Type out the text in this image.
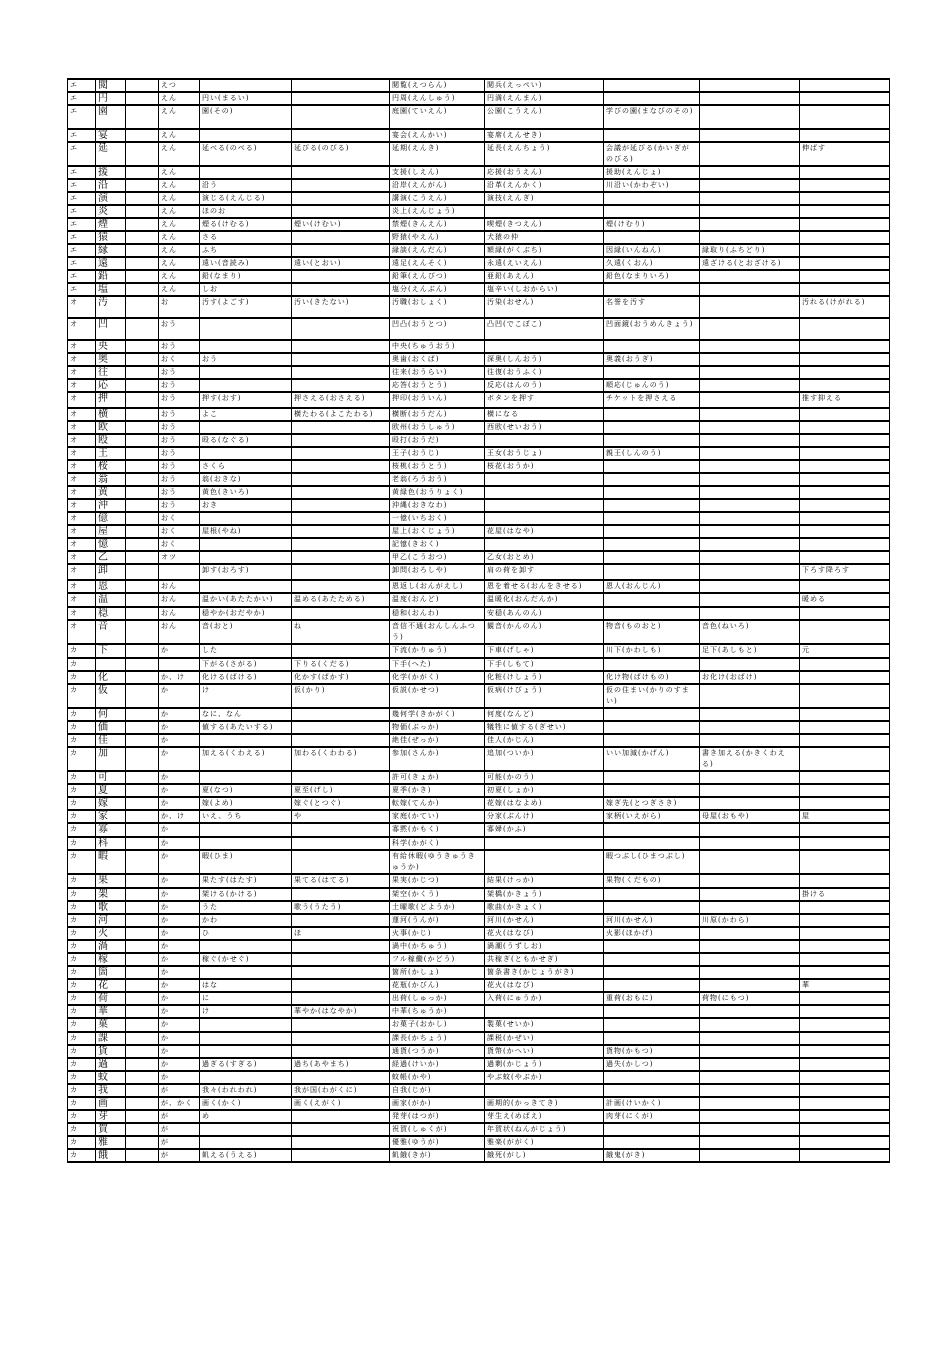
エ	閲		えつ			閲覧(えつらん)	閲兵(えっぺい)			
エ	円		えん	円い(まるい)		円周(えんしゅう)	円満(えんまん)			
エ	園		えん	園(その)		庭園(ていえん)	公園(こうえん)	学びの園(まなびのその)		
エ	宴		えん			宴会(えんかい)	宴席(えんせき)			
エ	延		えん	延べる(のべる)	延びる(のびる)	延期(えんき)	延長(えんちょう)	会議が延びる(かいぎがのびる)		伸ばす
エ	援		えん			支援(しえん)	応援(おうえん)	援助(えんじょ)		
エ	沿		えん	沿う		沿岸(えんがん)	沿革(えんかく)	川沿い(かわぞい)		
エ	演		えん	演じる(えんじる)		講演(こうえん)	演技(えんぎ)			
エ	炎		えん	ほのお		炎上(えんじょう)				
エ	煙		えん	煙る(けむる)	煙い(けむい)	禁煙(きんえん)	喫煙(きつえん)	煙(けむり)		
エ	猿		えん	さる		野猿(やえん)	犬猿の仲			
エ	縁		えん	ふち		縁談(えんだん)	額縁(がくぶち)	因縁(いんねん)	縁取り(ふちどり)	
エ	遠		えん	遠い(音読み)	遠い(とおい)	遠足(えんそく)	永遠(えいえん)	久遠(くおん)	遠ざける(とおざける)	
エ	鉛		えん	鉛(なまり)		鉛筆(えんぴつ)	亜鉛(あえん)	鉛色(なまりいろ)		
エ	塩		えん	しお		塩分(えんぶん)	塩辛い(しおからい)			
オ	汚		お	汚す(よごす)	汚い(きたない)	汚職(おしょく)	汚染(おせん)	名誉を汚す		汚れる(けがれる)
オ	凹		おう			凹凸(おうとつ)	凸凹(でこぼこ)	凹面鏡(おうめんきょう)		
オ	央		おう			中央(ちゅうおう)				
オ	奥		おく	おう		奥歯(おくば)	深奥(しんおう)	奥義(おうぎ)		
オ	往		おう			往来(おうらい)	往復(おうふく)			
オ	応		おう			応答(おうとう)	反応(はんのう)	順応(じゅんのう)		
オ	押		おう	押す(おす)	押さえる(おさえる)	押印(おういん)	ボタンを押す	チケットを押さえる		推す抑える
オ	横		おう	よこ	横たわる(よこたわる)	横断(おうだん)	横になる			
オ	欧		おう			欧州(おうしゅう)	西欧(せいおう)			
オ	殴		おう	殴る(なぐる)		殴打(おうだ)				
オ	王		おう			王子(おうじ)	王女(おうじょ)	親王(しんのう)		
オ	桜		おう	さくら		桜桃(おうとう)	桜花(おうか)			
オ	翁		おう	翁(おきな)		老翁(ろうおう)				
オ	黄		おう	黄色(きいろ)		黄緑色(おうりょく)				
オ	沖		おう	おき		沖縄(おきなわ)				
オ	億		おく			一億(いちおく)				
オ	屋		おく	屋根(やね)		屋上(おくじょう)	花屋(はなや)			
オ	憶		おく			記憶(きおく)				
オ	乙		オツ			甲乙(こうおつ)	乙女(おとめ)			
オ	卸			卸す(おろす)		卸問(おろしや)	肩の荷を卸す			下ろす降ろす
オ	恩		おん			恩返し(おんがえし)	恩を着せる(おんをきせる)	恩人(おんじん)		
オ	温		おん	温かい(あたたかい)	温める(あたためる)	温度(おんど)	温暖化(おんだんか)			暖める
オ	穏		おん	穏やか(おだやか)		穏和(おんわ)	安穏(あんのん)			
オ	音		おん	音(おと)	ね	音信不通(おんしんふつう)	観音(かんのん)	物音(ものおと)	音色(ねいろ)	
カ	下		か	した		下流(かりゅう)	下車(げしゃ)	川下(かわしも)	足下(あしもと)	元
カ				下がる(さがる)	下りる(くだる)	下手(へた)	下手(しもて)			
カ	化		か、け	化ける(ばける)	化かす(ばかす)	化学(かがく)	化粧(けしょう)	化け物(ばけもの)	お化け(おばけ)	
カ	仮		か	け	仮(かり)	仮説(かせつ)	仮病(けびょう)	仮の住まい(かりのすまい)		
カ	何		か	なに、なん		幾何学(きかがく)	何度(なんど)			
カ	価		か	値する(あたいする)		物価(ぶっか)	犠牲に値する(ぎせい)			
カ	佳		か			絶佳(ぜっか)	佳人(かじん)			
カ	加		か	加える(くわえる)	加わる(くわわる)	参加(さんか)	追加(ついか)	いい加減(かげん)	書き加える(かきくわえる)	
カ	可		か			許可(きょか)	可能(かのう)			
カ	夏		か	夏(なつ)	夏至(げし)	夏季(かき)	初夏(しょか)			
カ	嫁		か	嫁(よめ)	嫁ぐ(とつぐ)	転嫁(てんか)	花嫁(はなよめ)	嫁ぎ先(とつぎさき)		
カ	家		か、け	いえ、うち	や	家庭(かてい)	分家(ぶんけ)	家柄(いえがら)	母屋(おもや)	屋
カ	寡		か			寡黙(かもく)	寡婦(かふ)			
カ	科		か			科学(かがく)				
カ	暇		か	暇(ひま)		有給休暇(ゆうきゅうきゅうか)		暇つぶし(ひまつぶし)		
カ	果		か	果たす(はたす)	果てる(はてる)	果実(かじつ)	結果(けっか)	果物(くだもの)		
カ	架		か	架ける(かける)		架空(かくう)	架橋(かきょう)			掛ける
カ	歌		か	うた	歌う(うたう)	土曜歌(どようか)	歌曲(かきょく)			
カ	河		か	かわ		運河(うんが)	河川(かせん)	河川(かせん)	川原(かわら)	
カ	火		か	ひ	ほ	火事(かじ)	花火(はなび)	火影(ほかげ)		
カ	渦		か			渦中(かちゅう)	渦潮(うずしお)			
カ	稼		か	稼ぐ(かせぐ)		フル稼働(かどう)	共稼ぎ(ともかせぎ)			
カ	箇		か			箇所(かしょ)	箇条書き(かじょうがき)			
カ	花		か	はな		花瓶(かびん)	花火(はなび)			華
カ	荷		か	に		出荷(しゅっか)	入荷(にゅうか)	重荷(おもに)	荷物(にもつ)	
カ	華		か	け	華やか(はなやか)	中華(ちゅうか)				
カ	菓		か			お菓子(おかし)	製菓(せいか)			
カ	課		か			課長(かちょう)	課税(かぜい)			
カ	貨		か			通貨(つうか)	貨幣(かへい)	貨物(かもつ)		
カ	過		か	過ぎる(すぎる)	過ち(あやまち)	経過(けいか)	過剰(かじょう)	過失(かしつ)		
カ	蚊		か			蚊帳(かや)	やぶ蚊(やぶか)			
カ	我		が	我々(われわれ)	我が国(わがくに)	自我(じが)				
カ	画		が、かく	画く(かく)	画く(えがく)	画家(がか)	画期的(かっきてき)	計画(けいかく)		
カ	芽		が	め		発芽(はつが)	芽生え(めばえ)	肉芽(にくが)		
カ	賀		が			祝賀(しゅくが)	年賀状(ねんがじょう)			
カ	雅		が			優雅(ゆうが)	雅楽(ががく)			
カ	餓		が	飢える(うえる)		飢餓(きが)	餓死(がし)	餓鬼(がき)		
